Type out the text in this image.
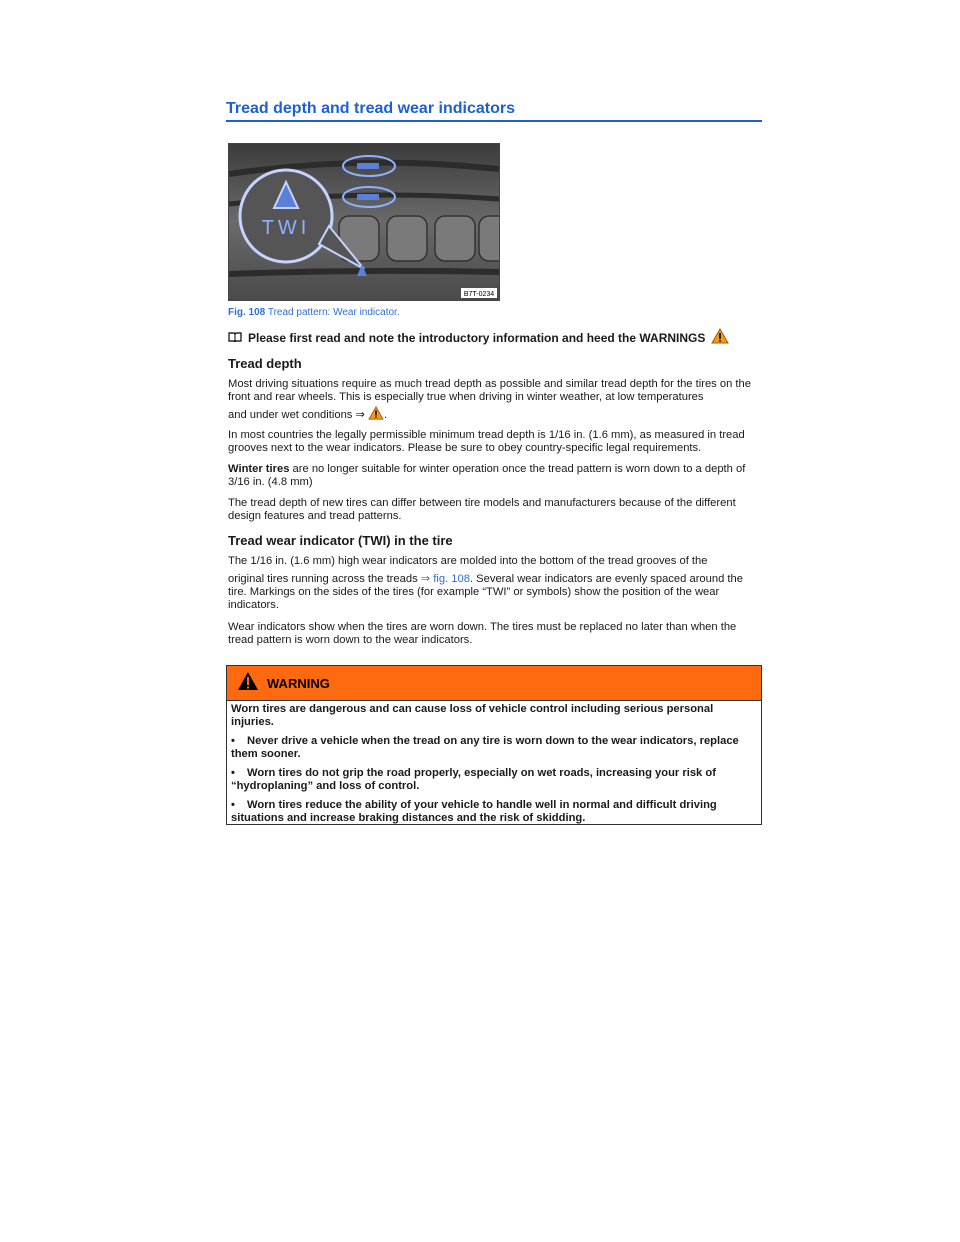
Tread depth and tread wear indicators
TWI
B7T-0234
Fig. 108 Tread pattern: Wear indicator.
Please first read and note the introductory information and heed the WARNINGS
Tread depth
Most driving situations require as much tread depth as possible and similar tread depth for the tires on the front and rear wheels. This is especially true when driving in winter weather, at low temperatures
and under wet conditions ⇒ .
In most countries the legally permissible minimum tread depth is 1/16 in. (1.6 mm), as measured in tread grooves next to the wear indicators. Please be sure to obey country-specific legal requirements.
Winter tires are no longer suitable for winter operation once the tread pattern is worn down to a depth of 3/16 in. (4.8 mm)
The tread depth of new tires can differ between tire models and manufacturers because of the different design features and tread patterns.
Tread wear indicator (TWI) in the tire
The 1/16 in. (1.6 mm) high wear indicators are molded into the bottom of the tread grooves of the
original tires running across the treads ⇒ fig. 108. Several wear indicators are evenly spaced around the tire. Markings on the sides of the tires (for example “TWI” or symbols) show the position of the wear indicators.
Wear indicators show when the tires are worn down. The tires must be replaced no later than when the tread pattern is worn down to the wear indicators.
WARNING

Worn tires are dangerous and can cause loss of vehicle control including serious personal injuries.

• Never drive a vehicle when the tread on any tire is worn down to the wear indicators, replace them sooner.

• Worn tires do not grip the road properly, especially on wet roads, increasing your risk of “hydroplaning” and loss of control.

• Worn tires reduce the ability of your vehicle to handle well in normal and difficult driving situations and increase braking distances and the risk of skidding.
